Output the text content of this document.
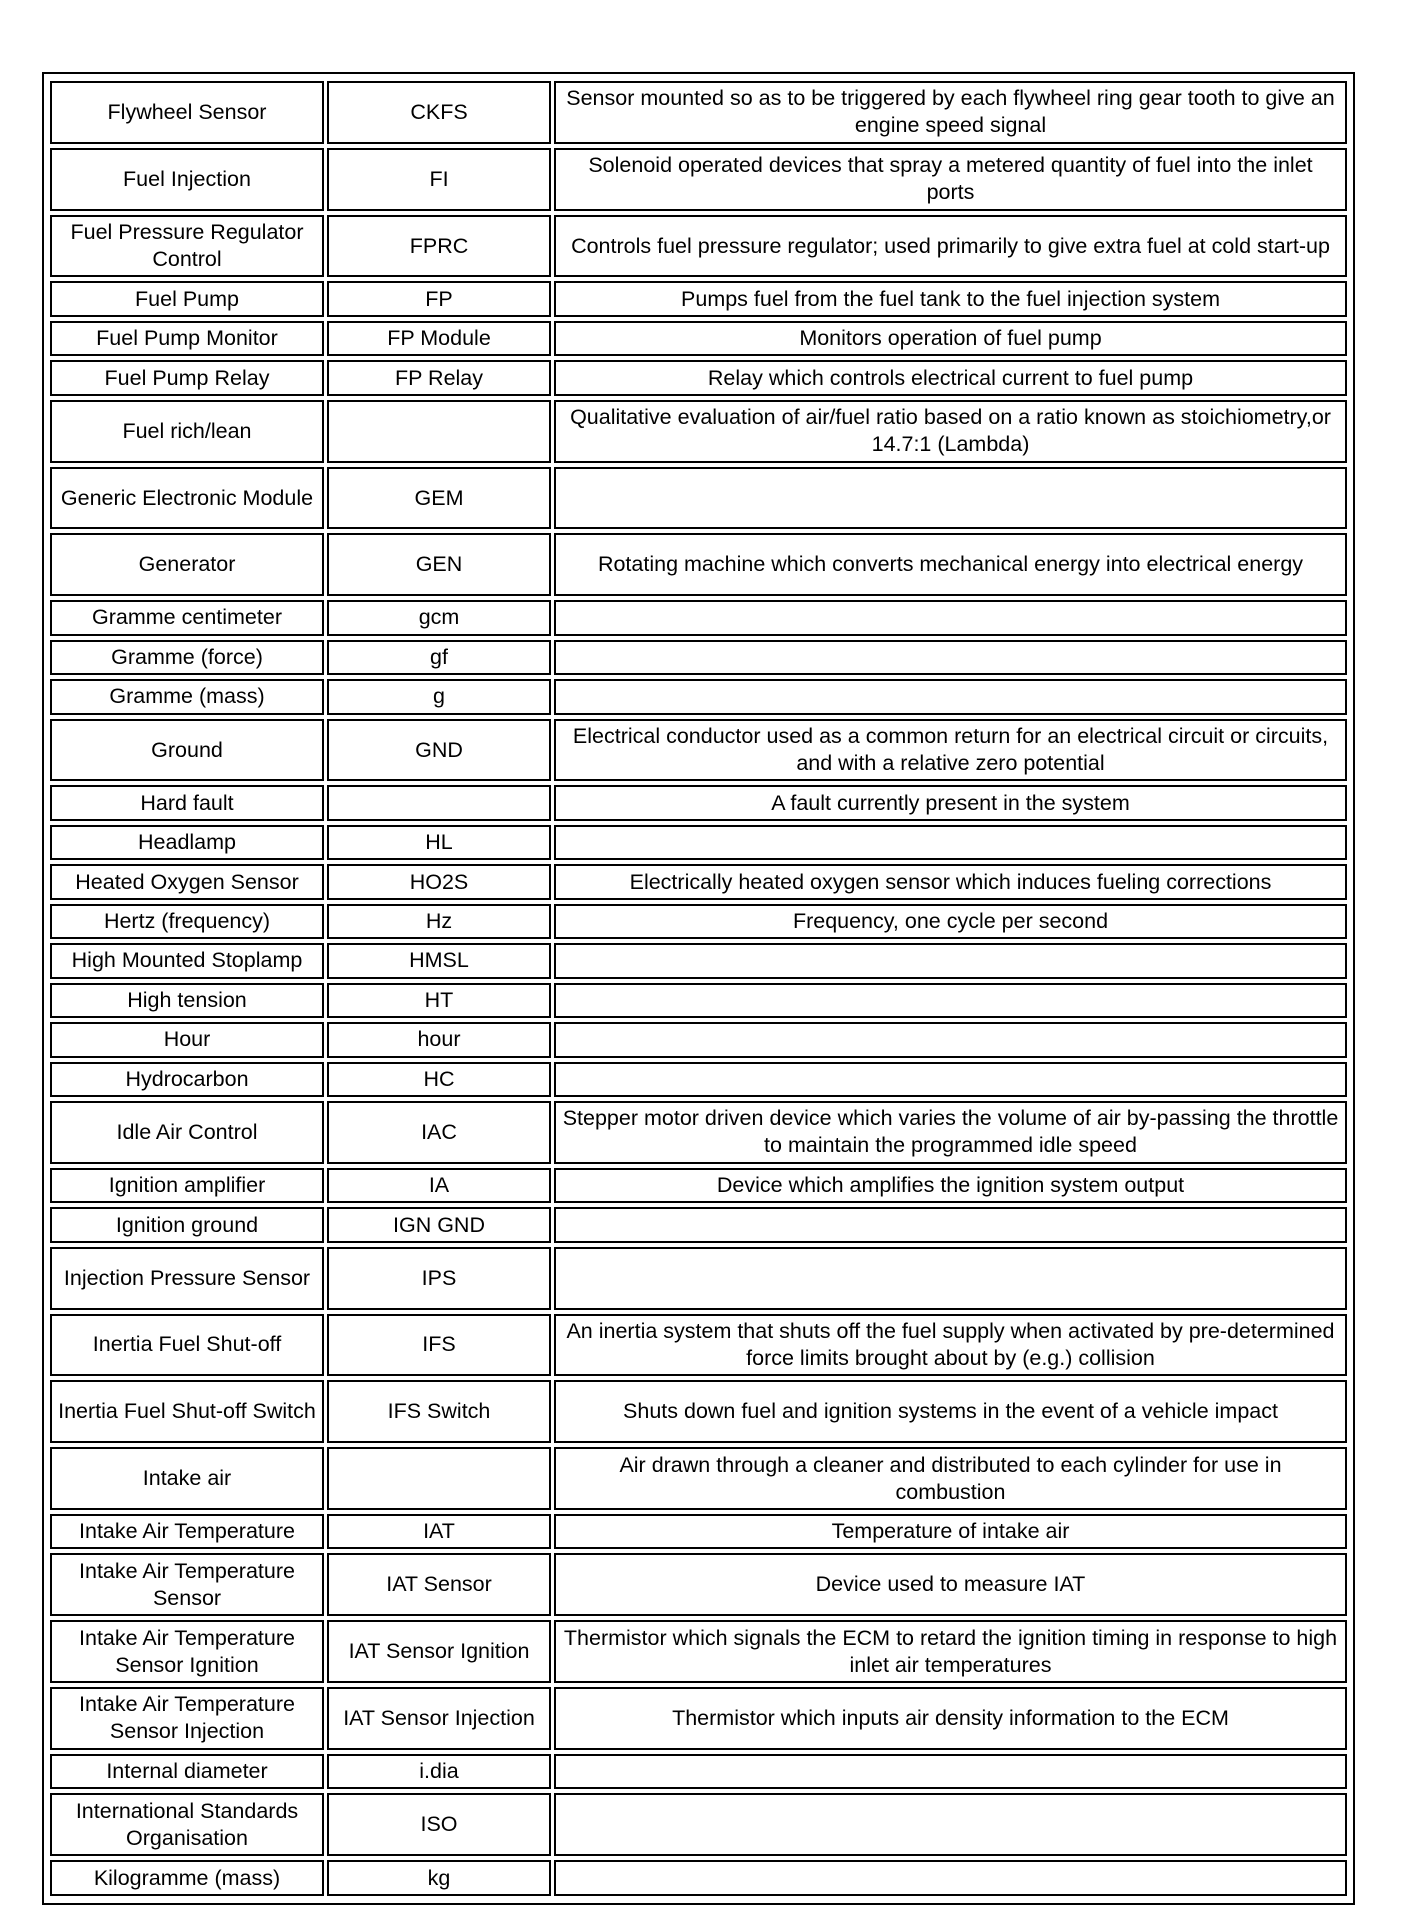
Flywheel Sensor	CKFS	Sensor mounted so as to be triggered by each flywheel ring gear tooth to give an engine speed signal
Fuel Injection	FI	Solenoid operated devices that spray a metered quantity of fuel into the inlet ports
Fuel Pressure Regulator Control	FPRC	Controls fuel pressure regulator; used primarily to give extra fuel at cold start-up
Fuel Pump	FP	Pumps fuel from the fuel tank to the fuel injection system
Fuel Pump Monitor	FP Module	Monitors operation of fuel pump
Fuel Pump Relay	FP Relay	Relay which controls electrical current to fuel pump
Fuel rich/lean		Qualitative evaluation of air/fuel ratio based on a ratio known as stoichiometry,or 14.7:1 (Lambda)
Generic Electronic Module	GEM	
Generator	GEN	Rotating machine which converts mechanical energy into electrical energy
Gramme centimeter	gcm	
Gramme (force)	gf	
Gramme (mass)	g	
Ground	GND	Electrical conductor used as a common return for an electrical circuit or circuits, and with a relative zero potential
Hard fault		A fault currently present in the system
Headlamp	HL	
Heated Oxygen Sensor	HO2S	Electrically heated oxygen sensor which induces fueling corrections
Hertz (frequency)	Hz	Frequency, one cycle per second
High Mounted Stoplamp	HMSL	
High tension	HT	
Hour	hour	
Hydrocarbon	HC	
Idle Air Control	IAC	Stepper motor driven device which varies the volume of air by-passing the throttle to maintain the programmed idle speed
Ignition amplifier	IA	Device which amplifies the ignition system output
Ignition ground	IGN GND	
Injection Pressure Sensor	IPS	
Inertia Fuel Shut-off	IFS	An inertia system that shuts off the fuel supply when activated by pre-determined force limits brought about by (e.g.) collision
Inertia Fuel Shut-off Switch	IFS Switch	Shuts down fuel and ignition systems in the event of a vehicle impact
Intake air		Air drawn through a cleaner and distributed to each cylinder for use in combustion
Intake Air Temperature	IAT	Temperature of intake air
Intake Air Temperature Sensor	IAT Sensor	Device used to measure IAT
Intake Air Temperature Sensor Ignition	IAT Sensor Ignition	Thermistor which signals the ECM to retard the ignition timing in response to high inlet air temperatures
Intake Air Temperature Sensor Injection	IAT Sensor Injection	Thermistor which inputs air density information to the ECM
Internal diameter	i.dia	
International Standards Organisation	ISO	
Kilogramme (mass)	kg	
